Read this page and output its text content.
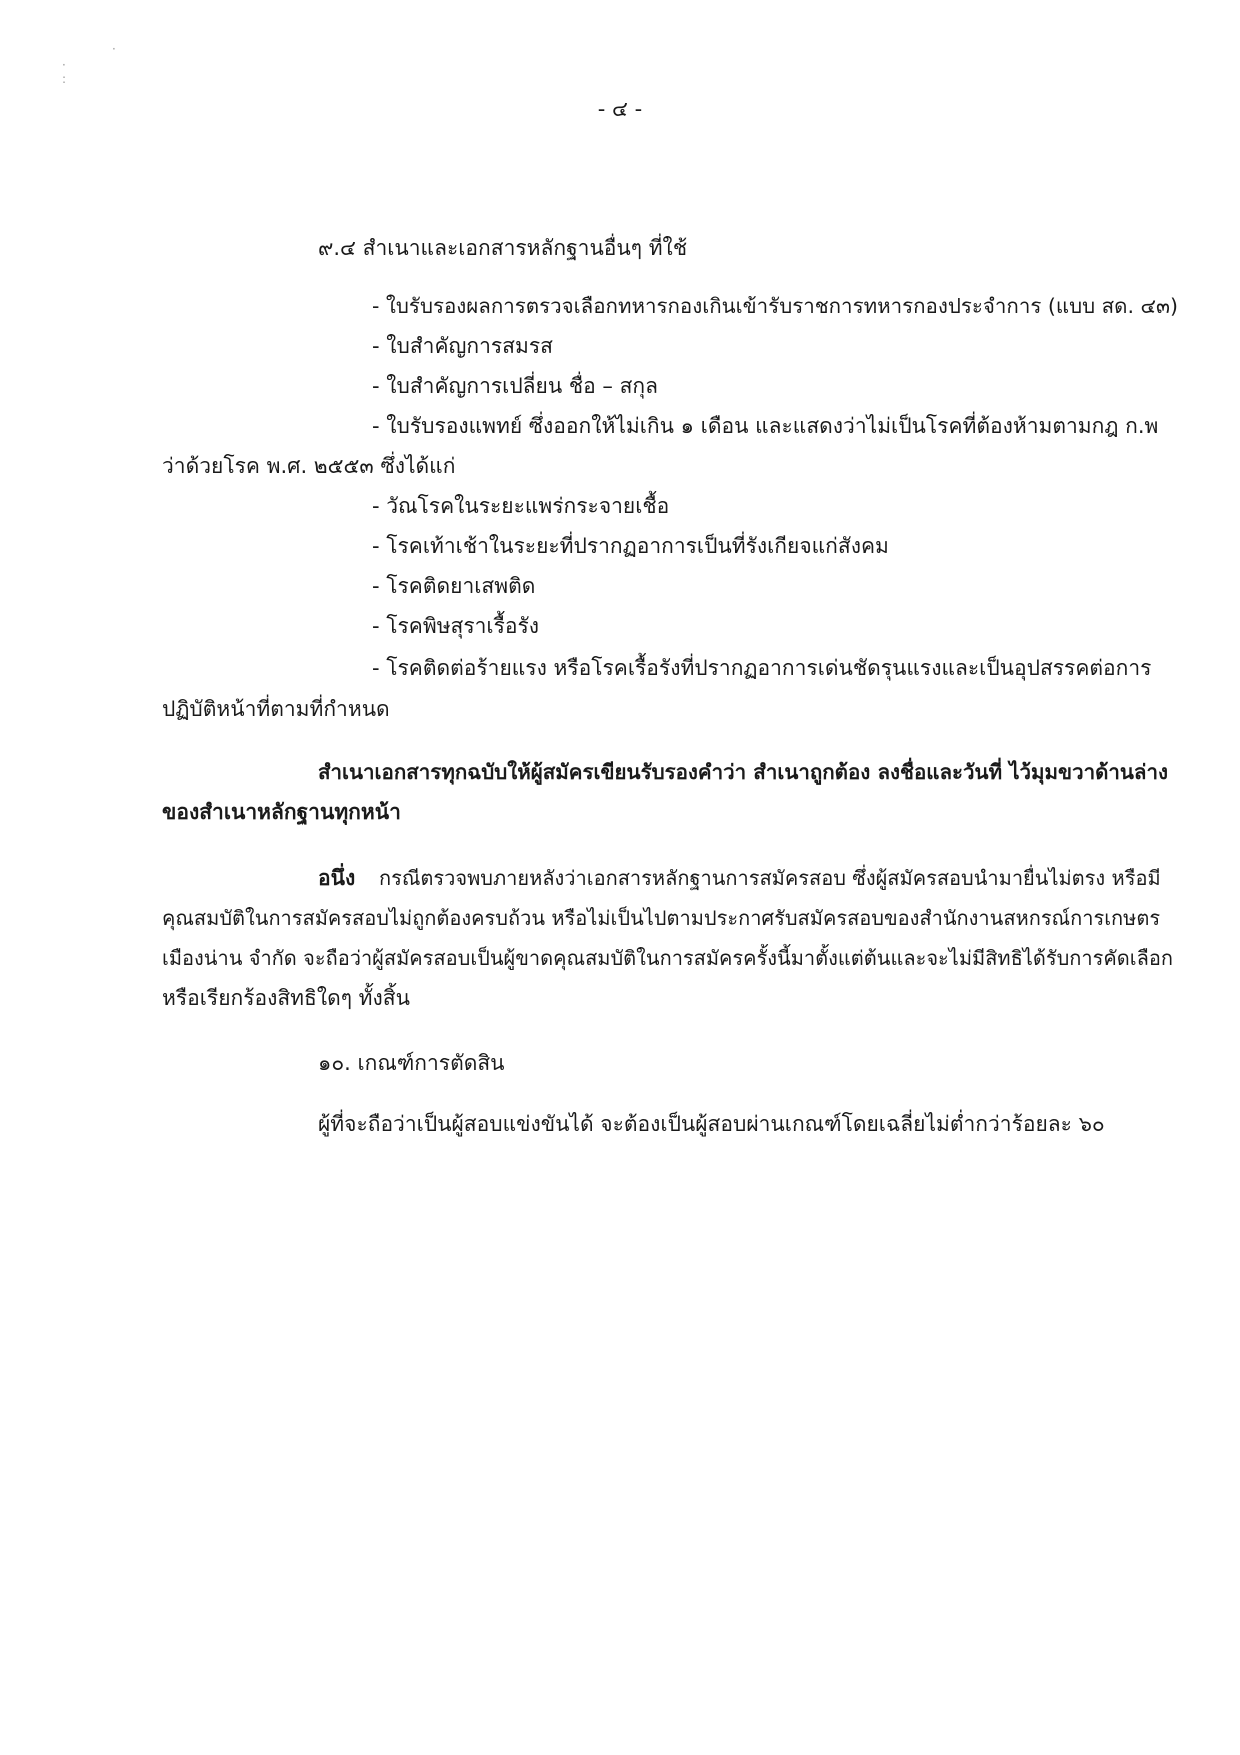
·
:
·
- ๔ -
๙.๔ สำเนาและเอกสารหลักฐานอื่นๆ ที่ใช้
- ใบรับรองผลการตรวจเลือกทหารกองเกินเข้ารับราชการทหารกองประจำการ (แบบ สด. ๔๓)
- ใบสำคัญการสมรส
- ใบสำคัญการเปลี่ยน ชื่อ – สกุล
- ใบรับรองแพทย์ ซึ่งออกให้ไม่เกิน ๑ เดือน และแสดงว่าไม่เป็นโรคที่ต้องห้ามตามกฎ ก.พ
ว่าด้วยโรค พ.ศ. ๒๕๕๓ ซึ่งได้แก่
- วัณโรคในระยะแพร่กระจายเชื้อ
- โรคเท้าเช้าในระยะที่ปรากฏอาการเป็นที่รังเกียจแก่สังคม
- โรคติดยาเสพติด
- โรคพิษสุราเรื้อรัง
- โรคติดต่อร้ายแรง หรือโรคเรื้อรังที่ปรากฏอาการเด่นชัดรุนแรงและเป็นอุปสรรคต่อการ
ปฏิบัติหน้าที่ตามที่กำหนด
สำเนาเอกสารทุกฉบับให้ผู้สมัครเขียนรับรองคำว่า สำเนาถูกต้อง ลงชื่อและวันที่ ไว้มุมขวาด้านล่าง
ของสำเนาหลักฐานทุกหน้า
อนึ่ง กรณีตรวจพบภายหลังว่าเอกสารหลักฐานการสมัครสอบ ซึ่งผู้สมัครสอบนำมายื่นไม่ตรง หรือมี
คุณสมบัติในการสมัครสอบไม่ถูกต้องครบถ้วน หรือไม่เป็นไปตามประกาศรับสมัครสอบของสำนักงานสหกรณ์การเกษตร
เมืองน่าน จำกัด จะถือว่าผู้สมัครสอบเป็นผู้ขาดคุณสมบัติในการสมัครครั้งนี้มาตั้งแต่ต้นและจะไม่มีสิทธิได้รับการคัดเลือก
หรือเรียกร้องสิทธิใดๆ ทั้งสิ้น
๑๐. เกณฑ์การตัดสิน
ผู้ที่จะถือว่าเป็นผู้สอบแข่งขันได้ จะต้องเป็นผู้สอบผ่านเกณฑ์โดยเฉลี่ยไม่ต่ำกว่าร้อยละ ๖๐
